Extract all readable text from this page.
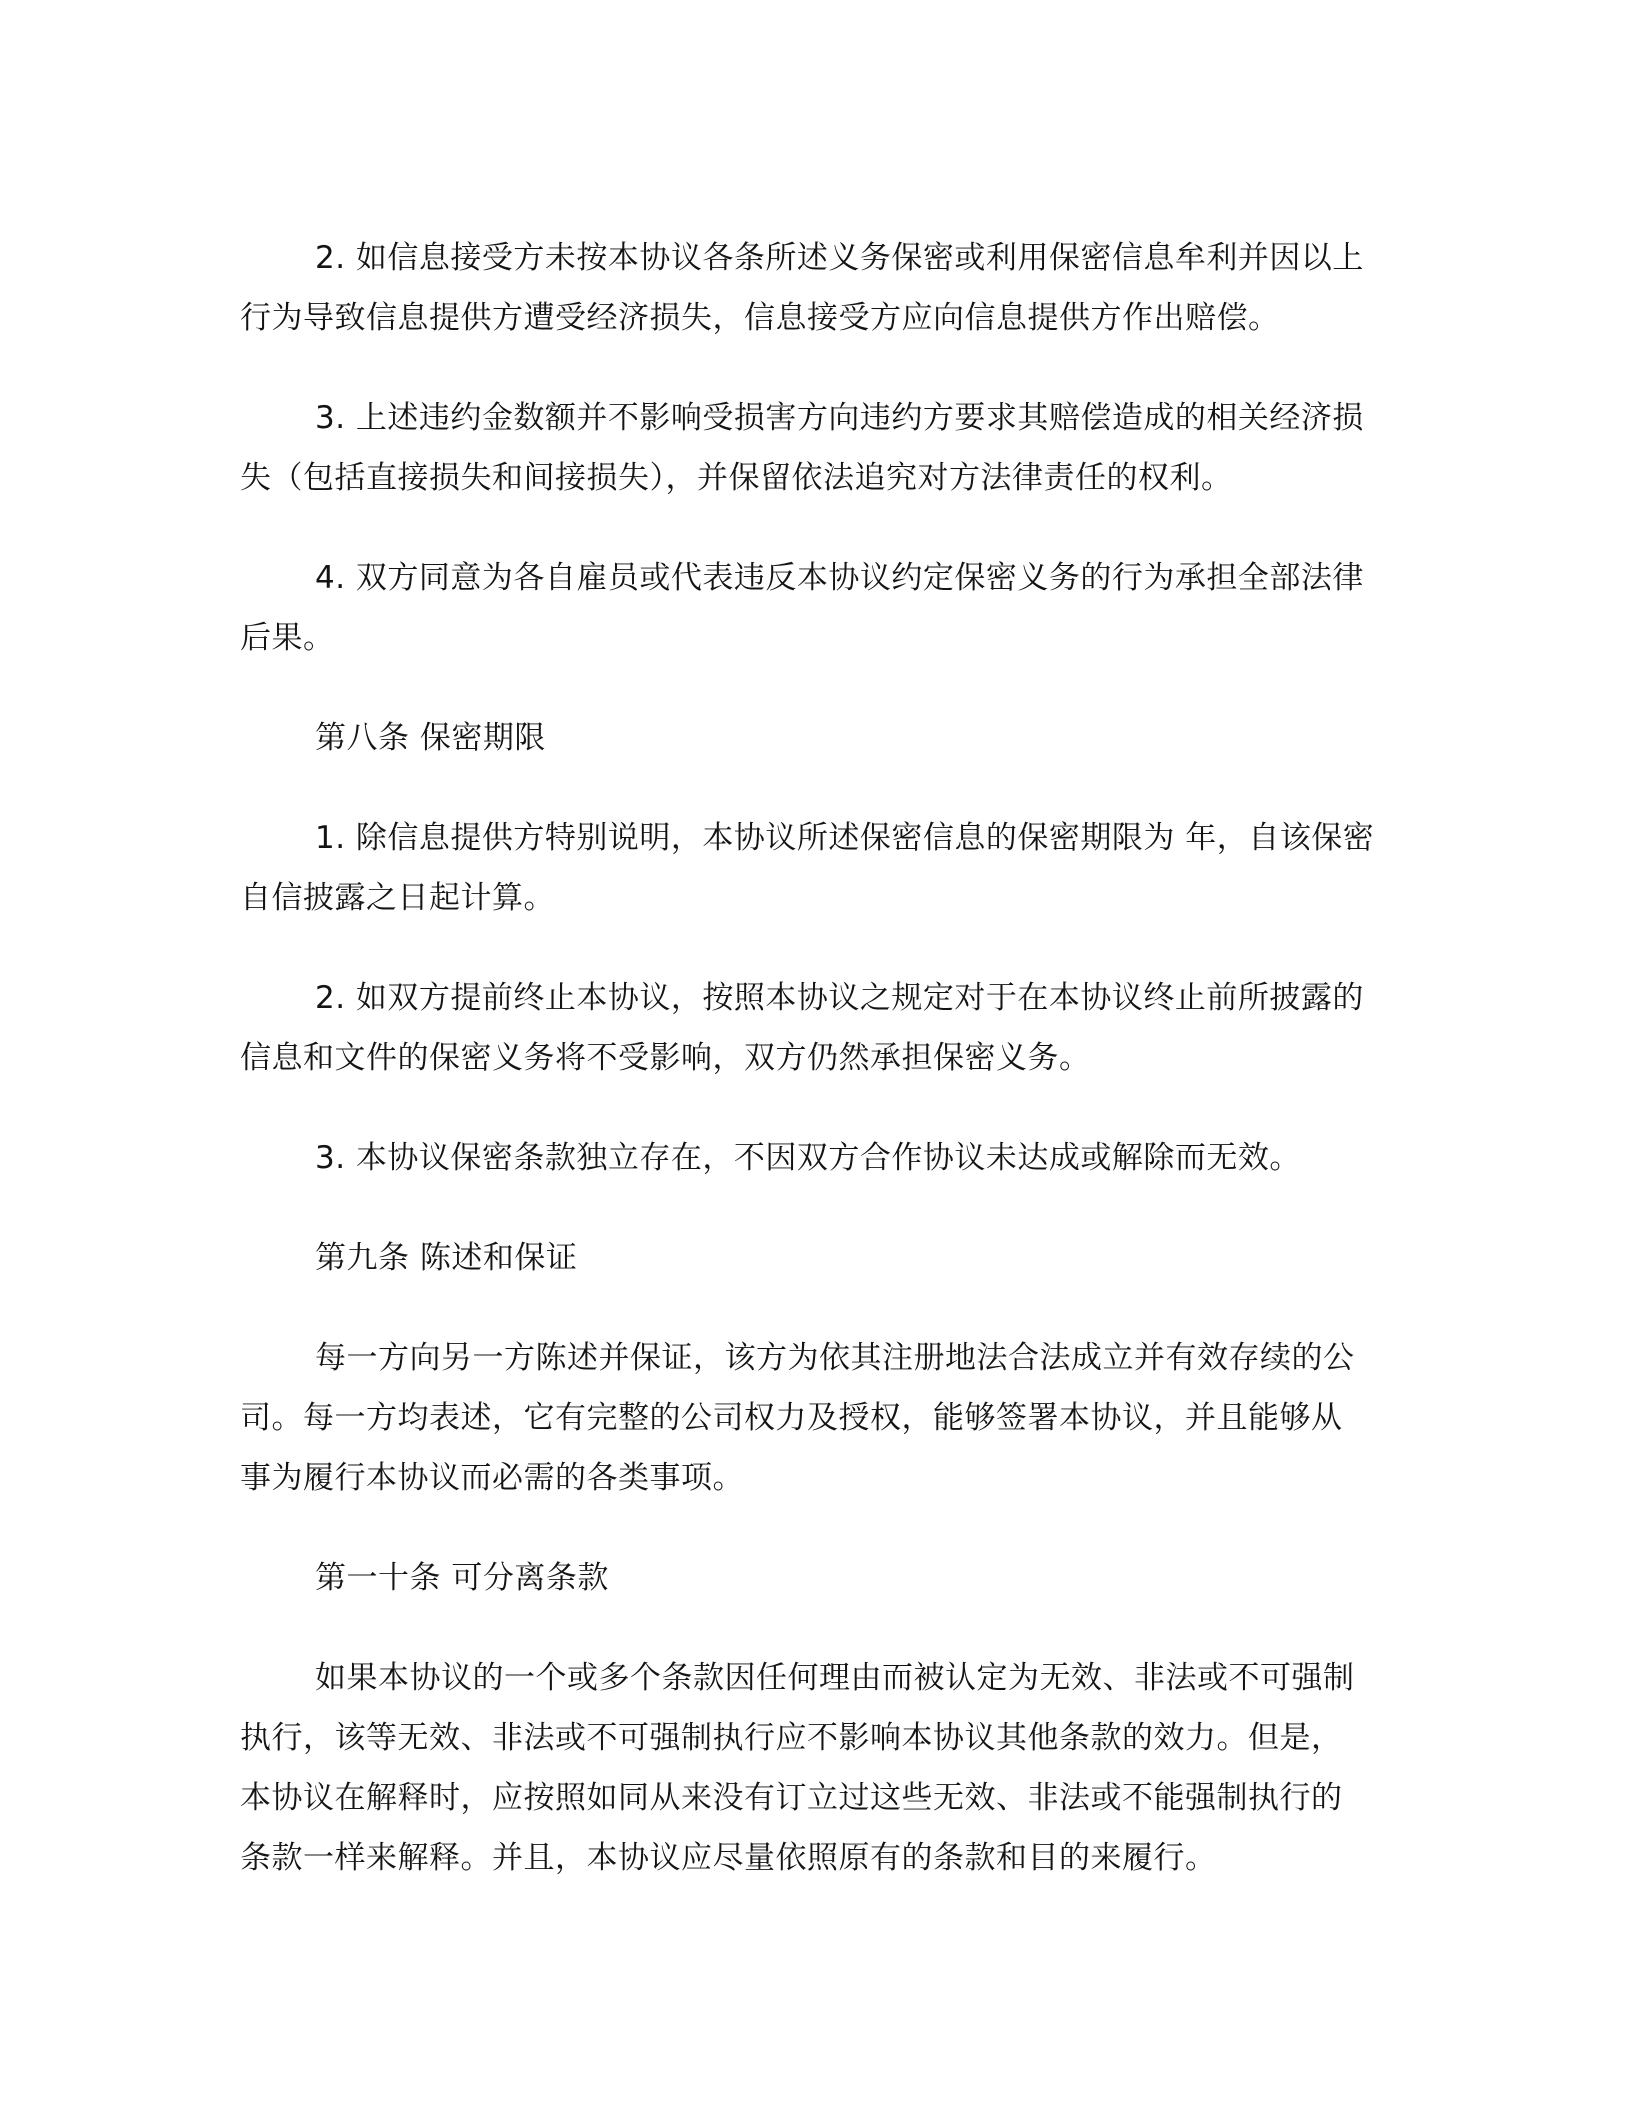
2. 如信息接受方未按本协议各条所述义务保密或利用保密信息牟利并因以上
行为导致信息提供方遭受经济损失，信息接受方应向信息提供方作出赔偿。
3. 上述违约金数额并不影响受损害方向违约方要求其赔偿造成的相关经济损
失（包括直接损失和间接损失），并保留依法追究对方法律责任的权利。
4. 双方同意为各自雇员或代表违反本协议约定保密义务的行为承担全部法律
后果。
第八条 保密期限
1. 除信息提供方特别说明，本协议所述保密信息的保密期限为 年，自该保密
自信披露之日起计算。
2. 如双方提前终止本协议，按照本协议之规定对于在本协议终止前所披露的
信息和文件的保密义务将不受影响，双方仍然承担保密义务。
3. 本协议保密条款独立存在，不因双方合作协议未达成或解除而无效。
第九条 陈述和保证
每一方向另一方陈述并保证，该方为依其注册地法合法成立并有效存续的公
司。每一方均表述，它有完整的公司权力及授权，能够签署本协议，并且能够从
事为履行本协议而必需的各类事项。
第一十条 可分离条款
如果本协议的一个或多个条款因任何理由而被认定为无效、非法或不可强制
执行，该等无效、非法或不可强制执行应不影响本协议其他条款的效力。但是，
本协议在解释时，应按照如同从来没有订立过这些无效、非法或不能强制执行的
条款一样来解释。并且，本协议应尽量依照原有的条款和目的来履行。
